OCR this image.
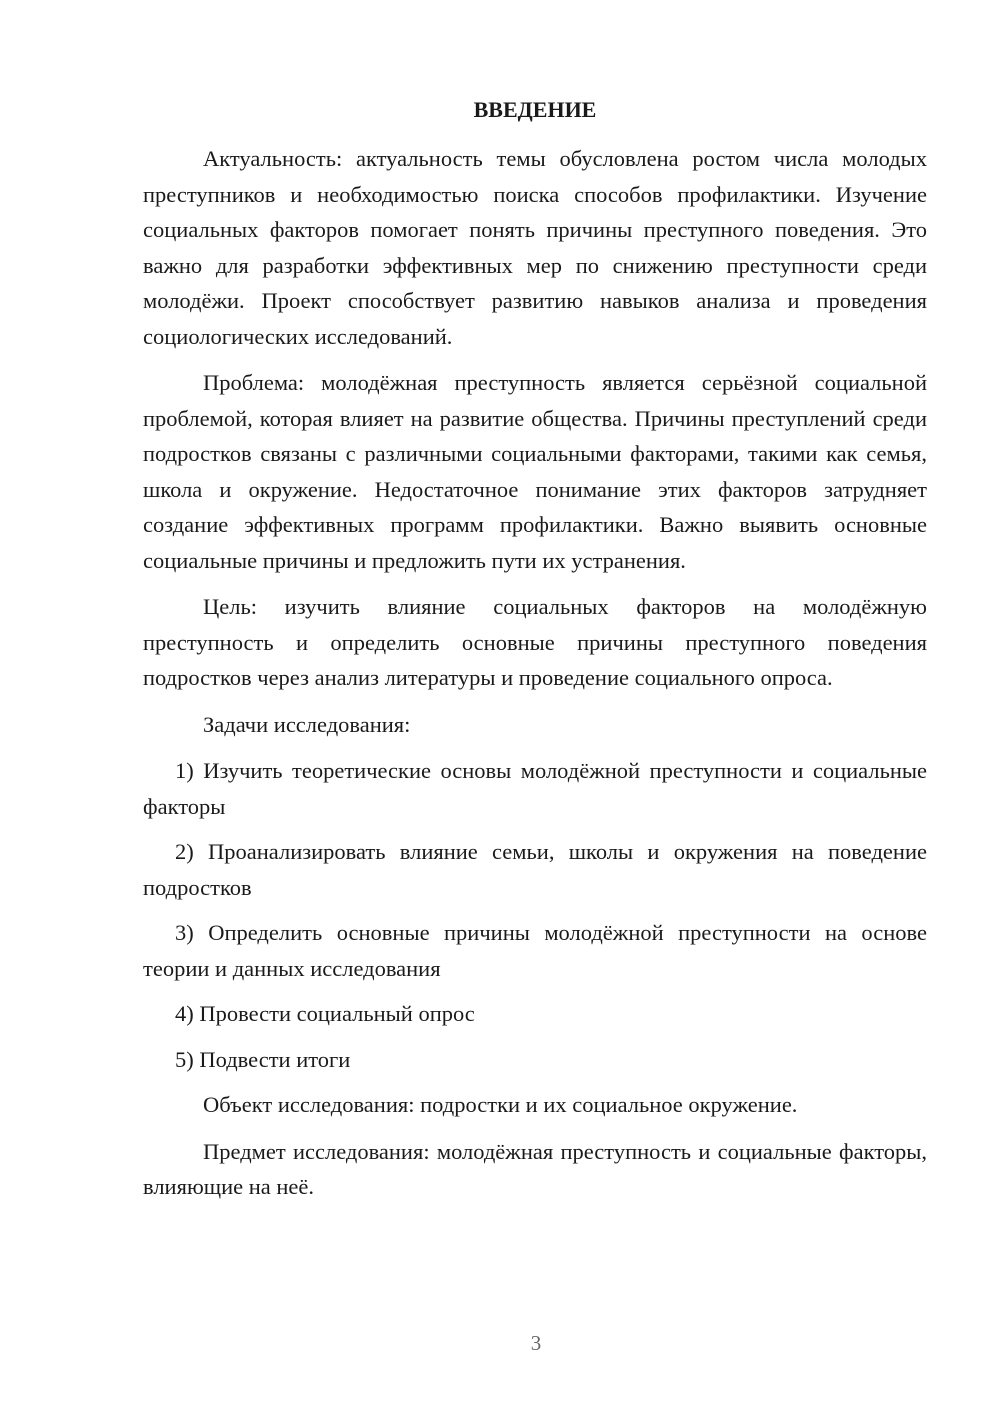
ВВЕДЕНИЕ

Актуальность: актуальность темы обусловлена ростом числа молодых преступников и необходимостью поиска способов профилактики. Изучение социальных факторов помогает понять причины преступного поведения. Это важно для разработки эффективных мер по снижению преступности среди молодёжи. Проект способствует развитию навыков анализа и проведения социологических исследований.

Проблема: молодёжная преступность является серьёзной социальной проблемой, которая влияет на развитие общества. Причины преступлений среди подростков связаны с различными социальными факторами, такими как семья, школа и окружение. Недостаточное понимание этих факторов затрудняет создание эффективных программ профилактики. Важно выявить основные социальные причины и предложить пути их устранения.

Цель: изучить влияние социальных факторов на молодёжную преступность и определить основные причины преступного поведения подростков через анализ литературы и проведение социального опроса.

Задачи исследования:

1) Изучить теоретические основы молодёжной преступности и социальные факторы

2) Проанализировать влияние семьи, школы и окружения на поведение подростков

3) Определить основные причины молодёжной преступности на основе теории и данных исследования

4) Провести социальный опрос

5) Подвести итоги

Объект исследования: подростки и их социальное окружение.

Предмет исследования: молодёжная преступность и социальные факторы, влияющие на неё.

3
